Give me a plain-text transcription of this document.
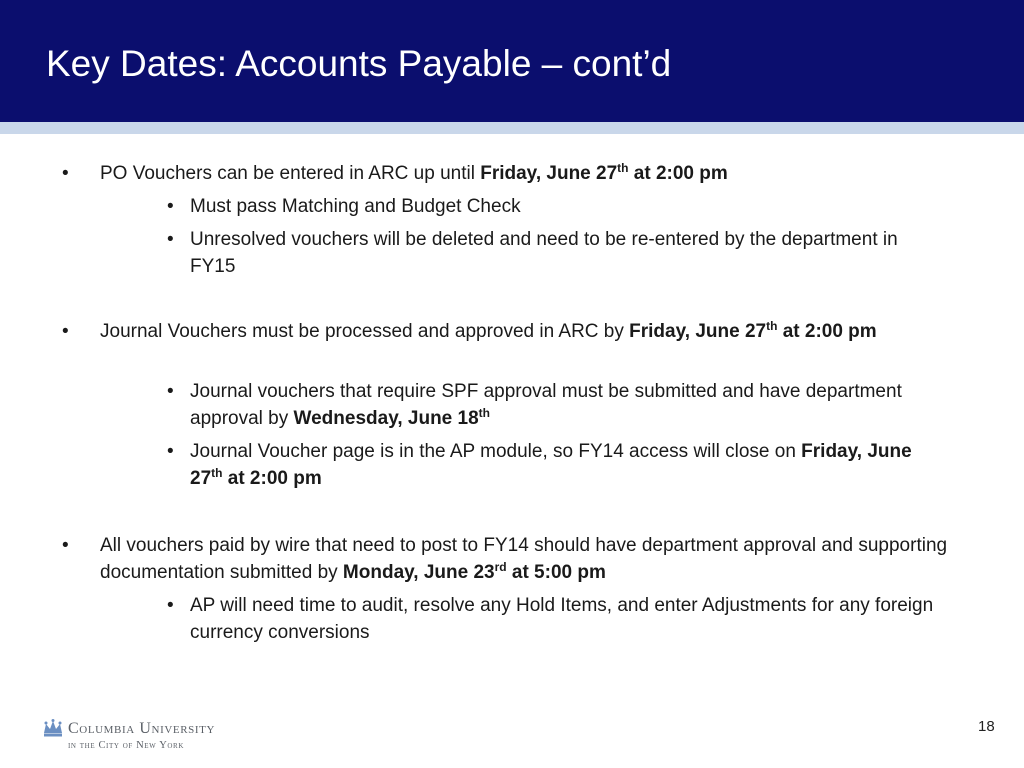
Key Dates: Accounts Payable – cont’d
• PO Vouchers can be entered in ARC up until Friday, June 27th at 2:00 pm
• Must pass Matching and Budget Check
• Unresolved vouchers will be deleted and need to be re-entered by the department in FY15
• Journal Vouchers must be processed and approved in ARC by Friday, June 27th at 2:00 pm
• Journal vouchers that require SPF approval must be submitted and have department approval by Wednesday, June 18th
• Journal Voucher page is in the AP module, so FY14 access will close on Friday, June 27th at 2:00 pm
• All vouchers paid by wire that need to post to FY14 should have department approval and supporting documentation submitted by Monday, June 23rd at 5:00 pm
• AP will need time to audit, resolve any Hold Items, and enter Adjustments for any foreign currency conversions
Columbia University
in the City of New York
18
